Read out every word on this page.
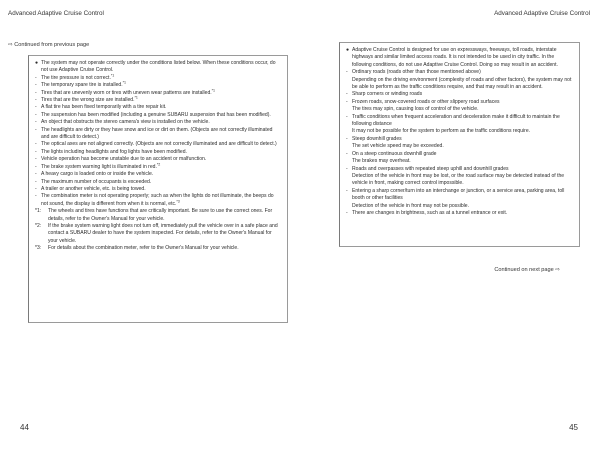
Advanced Adaptive Cruise Control
⇨ Continued from previous page

● The system may not operate correctly under the conditions listed below. When these conditions occur, do not use Adaptive Cruise Control.

- The tire pressure is not correct.$^{*1}$

- The temporary spare tire is installed.$^{*1}$

- Tires that are unevenly worn or tires with uneven wear patterns are installed.$^{*1}$

- Tires that are the wrong size are installed.$^{*1}$

- A flat tire has been fixed temporarily with a tire repair kit.

- The suspension has been modified (including a genuine SUBARU suspension that has been modified).

- An object that obstructs the stereo camera's view is installed on the vehicle.

- The headlights are dirty or they have snow and ice or dirt on them. (Objects are not correctly illuminated and are difficult to detect.)

- The optical axes are not aligned correctly. (Objects are not correctly illuminated and are difficult to detect.)

- The lights including headlights and fog lights have been modified.

- Vehicle operation has become unstable due to an accident or malfunction.

- The brake system warning light is illuminated in red.$^{*2}$

- A heavy cargo is loaded onto or inside the vehicle.

- The maximum number of occupants is exceeded.

- A trailer or another vehicle, etc. is being towed.

- The combination meter is not operating properly; such as when the lights do not illuminate, the beeps do not sound, the display is different from when it is normal, etc.$^{*3}$

*1: The wheels and tires have functions that are critically important. Be sure to use the correct ones. For details, refer to the Owner's Manual for your vehicle.

*2: If the brake system warning light does not turn off, immediately pull the vehicle over in a safe place and contact a SUBARU dealer to have the system inspected. For details, refer to the Owner's Manual for your vehicle.

*3: For details about the combination meter, refer to the Owner's Manual for your vehicle.

44
Advanced Adaptive Cruise Control

● Adaptive Cruise Control is designed for use on expressways, freeways, toll roads, interstate highways and similar limited access roads. It is not intended to be used in city traffic. In the following conditions, do not use Adaptive Cruise Control. Doing so may result in an accident.

- Ordinary roads (roads other than those mentioned above)
Depending on the driving environment (complexity of roads and other factors), the system may not be able to perform as the traffic conditions require, and that may result in an accident.

- Sharp corners or winding roads

- Frozen roads, snow-covered roads or other slippery road surfaces
The tires may spin, causing loss of control of the vehicle.

- Traffic conditions when frequent acceleration and deceleration make it difficult to maintain the following distance
It may not be possible for the system to perform as the traffic conditions require.

- Steep downhill grades
The set vehicle speed may be exceeded.

- On a steep continuous downhill grade
The brakes may overheat.

- Roads and overpasses with repeated steep uphill and downhill grades
Detection of the vehicle in front may be lost, or the road surface may be detected instead of the vehicle in front, making correct control impossible.

- Entering a sharp corner/turn into an interchange or junction, or a service area, parking area, toll booth or other facilities
Detection of the vehicle in front may not be possible.

- There are changes in brightness, such as at a tunnel entrance or exit.

Continued on next page ⇨
45
